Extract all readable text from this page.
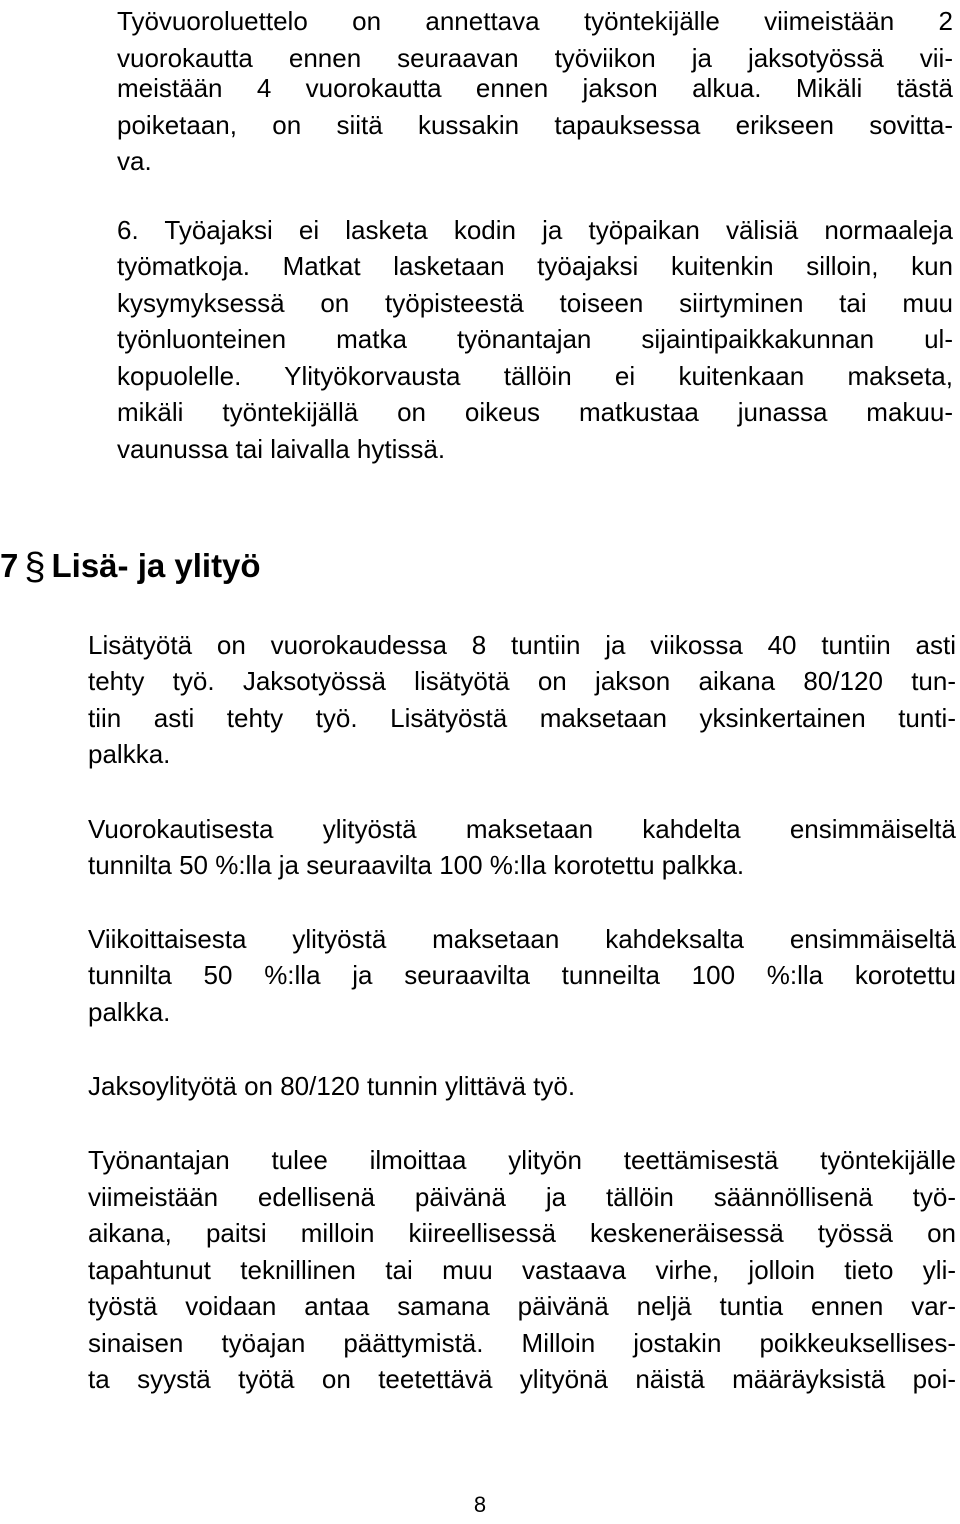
Työvuoroluettelo on annettava työntekijälle viimeistään 2

vuorokautta ennen seuraavan työviikon ja jaksotyössä vii-

meistään 4 vuorokautta ennen jakson alkua. Mikäli tästä

poiketaan, on siitä kussakin tapauksessa erikseen sovitta-

va.

6. Työajaksi ei lasketa kodin ja työpaikan välisiä normaaleja

työmatkoja. Matkat lasketaan työajaksi kuitenkin silloin, kun

kysymyksessä on työpisteestä toiseen siirtyminen tai muu

työnluonteinen matka työnantajan sijaintipaikkakunnan ul-

kopuolelle. Ylityökorvausta tällöin ei kuitenkaan makseta,

mikäli työntekijällä on oikeus matkustaa junassa makuu-

vaunussa tai laivalla hytissä.

7 § Lisä- ja ylityö

Lisätyötä on vuorokaudessa 8 tuntiin ja viikossa 40 tuntiin asti

tehty työ. Jaksotyössä lisätyötä on jakson aikana 80/120 tun-

tiin asti tehty työ. Lisätyöstä maksetaan yksinkertainen tunti-

palkka.

Vuorokautisesta ylityöstä maksetaan kahdelta ensimmäiseltä

tunnilta 50 %:lla ja seuraavilta 100 %:lla korotettu palkka.

Viikoittaisesta ylityöstä maksetaan kahdeksalta ensimmäiseltä

tunnilta 50 %:lla ja seuraavilta tunneilta 100 %:lla korotettu

palkka.

Jaksoylityötä on 80/120 tunnin ylittävä työ.

Työnantajan tulee ilmoittaa ylityön teettämisestä työntekijälle

viimeistään edellisenä päivänä ja tällöin säännöllisenä työ-

aikana, paitsi milloin kiireellisessä keskeneräisessä työssä on

tapahtunut teknillinen tai muu vastaava virhe, jolloin tieto yli-

työstä voidaan antaa samana päivänä neljä tuntia ennen var-

sinaisen työajan päättymistä. Milloin jostakin poikkeuksellises-

ta syystä työtä on teetettävä ylityönä näistä määräyksistä poi-

8
